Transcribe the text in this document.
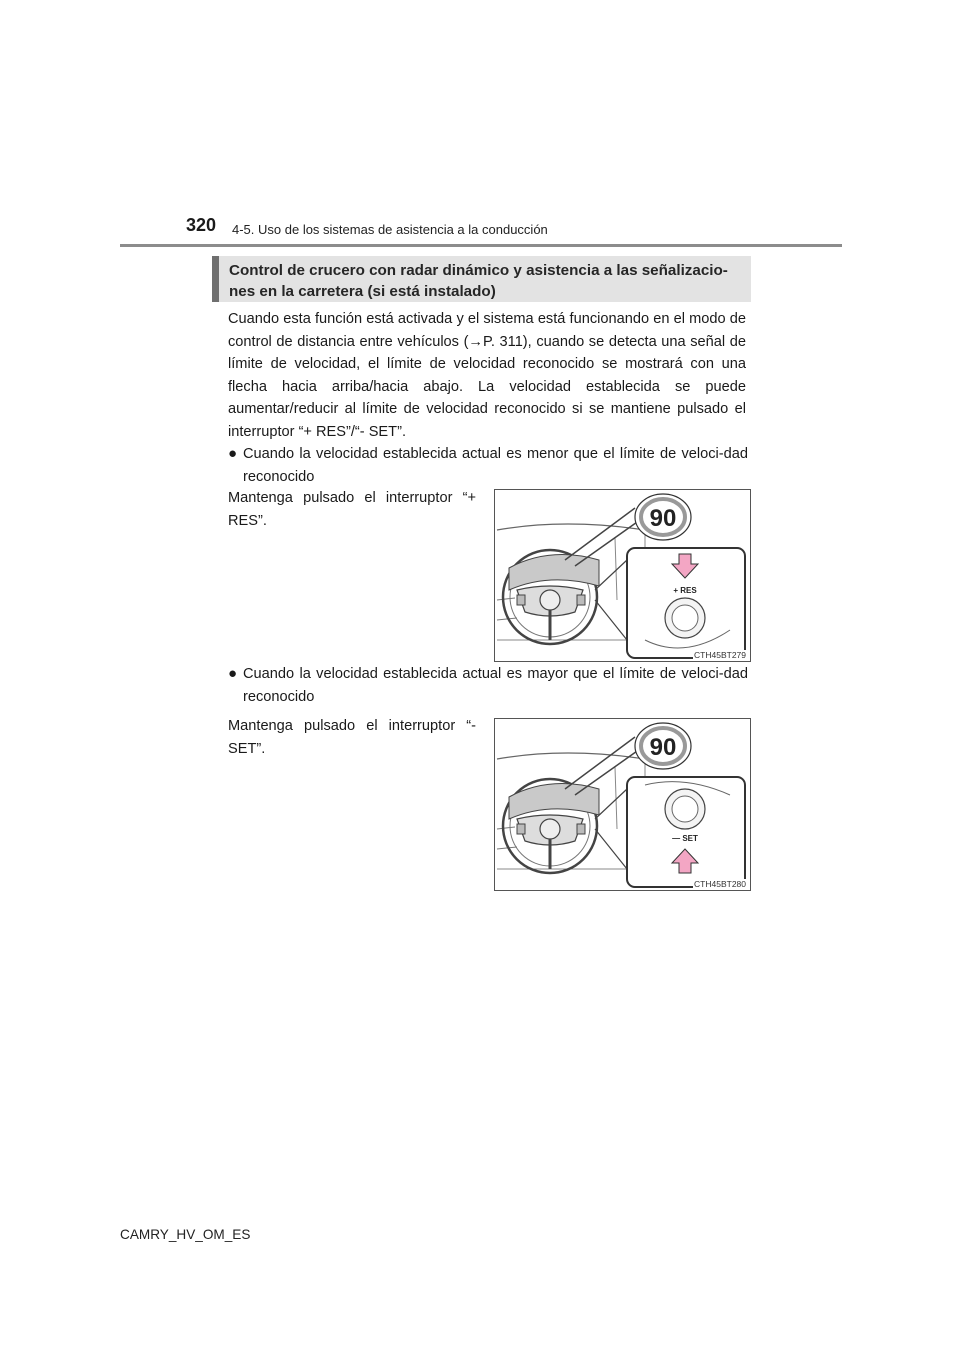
320 4-5. Uso de los sistemas de asistencia a la conducción
Control de crucero con radar dinámico y asistencia a las señalizacio-
nes en la carretera (si está instalado)

Cuando esta función está activada y el sistema está funcionando en el modo de control de distancia entre vehículos (→P. 311), cuando se detecta una señal de límite de velocidad, el límite de velocidad reconocido se mostrará con una flecha hacia arriba/hacia abajo. La velocidad establecida se puede aumentar/reducir al límite de velocidad reconocido si se mantiene pulsado el interruptor “+ RES”/“- SET”.

● Cuando la velocidad establecida actual es menor que el límite de veloci-dad reconocido
Mantenga pulsado el interruptor “+ RES”.	90
+ RES
CTH45BT279
● Cuando la velocidad establecida actual es mayor que el límite de veloci-dad reconocido
Mantenga pulsado el interruptor “- SET”.	90
— SET
CTH45BT280
CAMRY_HV_OM_ES
